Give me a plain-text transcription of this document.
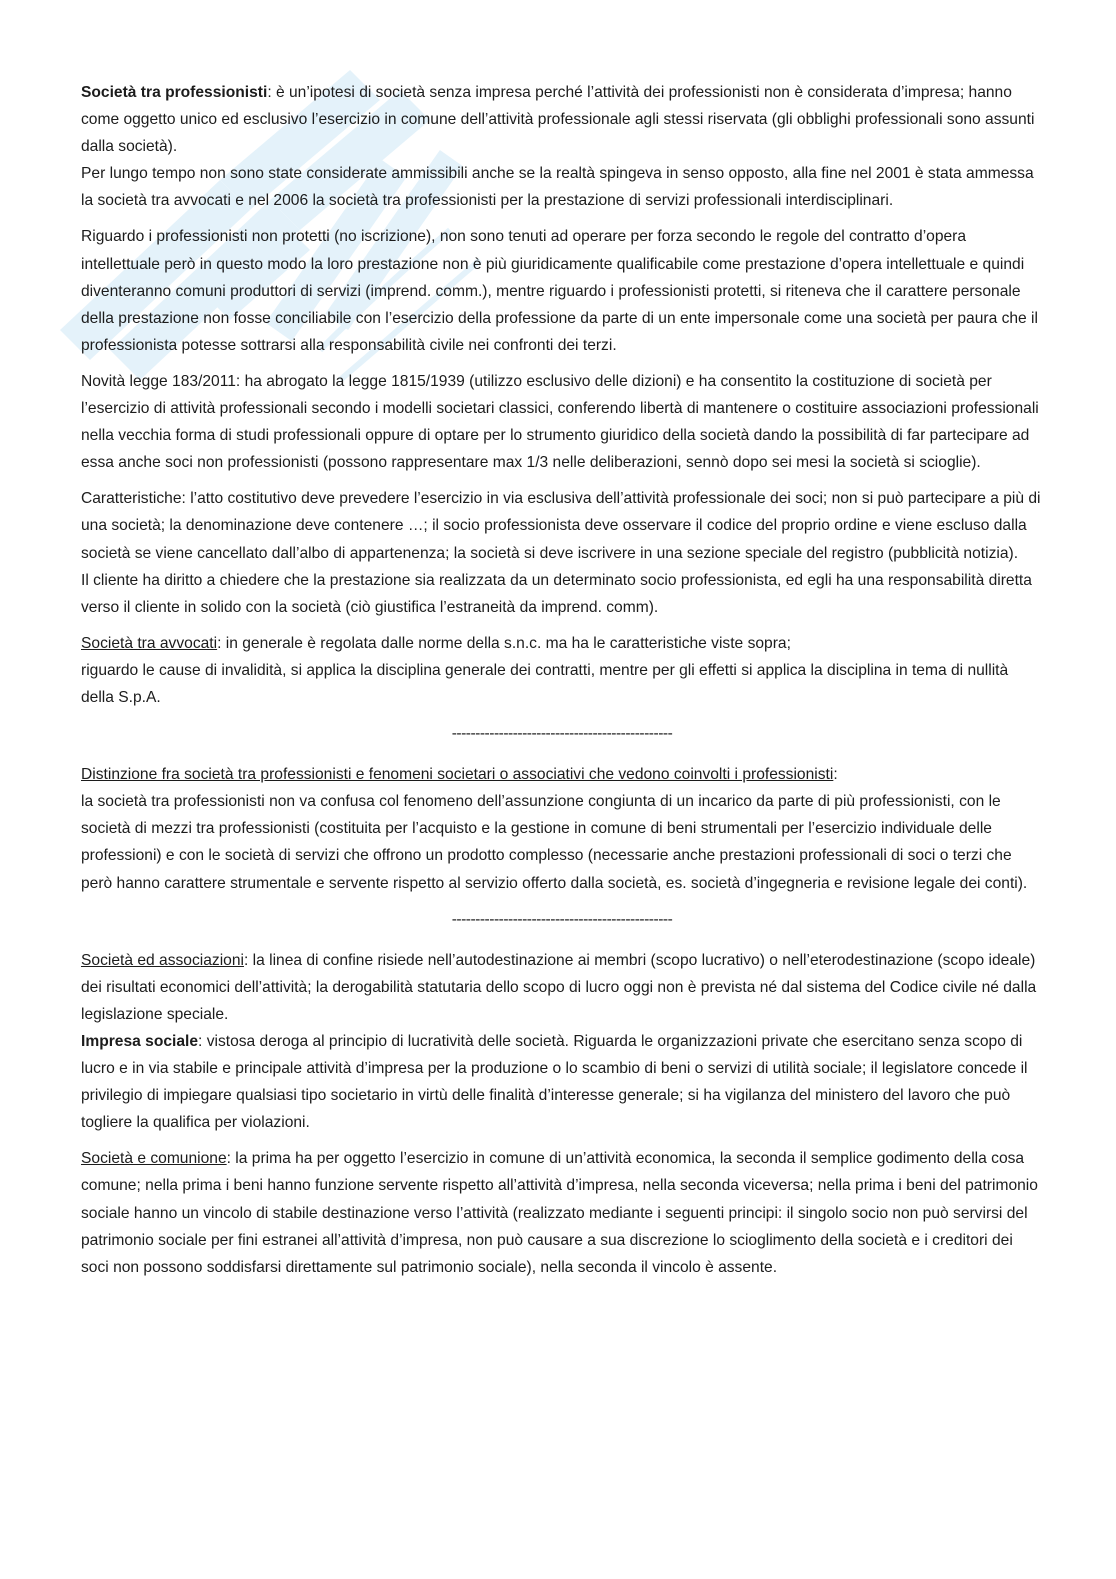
Società tra professionisti: è un’ipotesi di società senza impresa perché l’attività dei professionisti non è considerata d’impresa; hanno come oggetto unico ed esclusivo l’esercizio in comune dell’attività professionale agli stessi riservata (gli obblighi professionali sono assunti dalla società).
Per lungo tempo non sono state considerate ammissibili anche se la realtà spingeva in senso opposto, alla fine nel 2001 è stata ammessa la società tra avvocati e nel 2006 la società tra professionisti per la prestazione di servizi professionali interdisciplinari.

Riguardo i professionisti non protetti (no iscrizione), non sono tenuti ad operare per forza secondo le regole del contratto d’opera intellettuale però in questo modo la loro prestazione non è più giuridicamente qualificabile come prestazione d’opera intellettuale e quindi diventeranno comuni produttori di servizi (imprend. comm.), mentre riguardo i professionisti protetti, si riteneva che il carattere personale della prestazione non fosse conciliabile con l’esercizio della professione da parte di un ente impersonale come una società per paura che il professionista potesse sottrarsi alla responsabilità civile nei confronti dei terzi.

Novità legge 183/2011: ha abrogato la legge 1815/1939 (utilizzo esclusivo delle dizioni) e ha consentito la costituzione di società per l’esercizio di attività professionali secondo i modelli societari classici, conferendo libertà di mantenere o costituire associazioni professionali nella vecchia forma di studi professionali oppure di optare per lo strumento giuridico della società dando la possibilità di far partecipare ad essa anche soci non professionisti (possono rappresentare max 1/3 nelle deliberazioni, sennò dopo sei mesi la società si scioglie).

Caratteristiche: l’atto costitutivo deve prevedere l’esercizio in via esclusiva dell’attività professionale dei soci; non si può partecipare a più di una società; la denominazione deve contenere …; il socio professionista deve osservare il codice del proprio ordine e viene escluso dalla società se viene cancellato dall’albo di appartenenza; la società si deve iscrivere in una sezione speciale del registro (pubblicità notizia).
Il cliente ha diritto a chiedere che la prestazione sia realizzata da un determinato socio professionista, ed egli ha una responsabilità diretta verso il cliente in solido con la società (ciò giustifica l’estraneità da imprend. comm).

Società tra avvocati: in generale è regolata dalle norme della s.n.c. ma ha le caratteristiche viste sopra;
riguardo le cause di invalidità, si applica la disciplina generale dei contratti, mentre per gli effetti si applica la disciplina in tema di nullità della S.p.A.

-----------------------------------------------

Distinzione fra società tra professionisti e fenomeni societari o associativi che vedono coinvolti i professionisti:
la società tra professionisti non va confusa col fenomeno dell’assunzione congiunta di un incarico da parte di più professionisti, con le società di mezzi tra professionisti (costituita per l’acquisto e la gestione in comune di beni strumentali per l’esercizio individuale delle professioni) e con le società di servizi che offrono un prodotto complesso (necessarie anche prestazioni professionali di soci o terzi che però hanno carattere strumentale e servente rispetto al servizio offerto dalla società, es. società d’ingegneria e revisione legale dei conti).

-----------------------------------------------

Società ed associazioni: la linea di confine risiede nell’autodestinazione ai membri (scopo lucrativo) o nell’eterodestinazione (scopo ideale) dei risultati economici dell’attività; la derogabilità statutaria dello scopo di lucro oggi non è prevista né dal sistema del Codice civile né dalla legislazione speciale.
Impresa sociale: vistosa deroga al principio di lucratività delle società. Riguarda le organizzazioni private che esercitano senza scopo di lucro e in via stabile e principale attività d’impresa per la produzione o lo scambio di beni o servizi di utilità sociale; il legislatore concede il privilegio di impiegare qualsiasi tipo societario in virtù delle finalità d’interesse generale; si ha vigilanza del ministero del lavoro che può togliere la qualifica per violazioni.

Società e comunione: la prima ha per oggetto l’esercizio in comune di un’attività economica, la seconda il semplice godimento della cosa comune; nella prima i beni hanno funzione servente rispetto all’attività d’impresa, nella seconda viceversa; nella prima i beni del patrimonio sociale hanno un vincolo di stabile destinazione verso l’attività (realizzato mediante i seguenti principi: il singolo socio non può servirsi del patrimonio sociale per fini estranei all’attività d’impresa, non può causare a sua discrezione lo scioglimento della società e i creditori dei soci non possono soddisfarsi direttamente sul patrimonio sociale), nella seconda il vincolo è assente.
